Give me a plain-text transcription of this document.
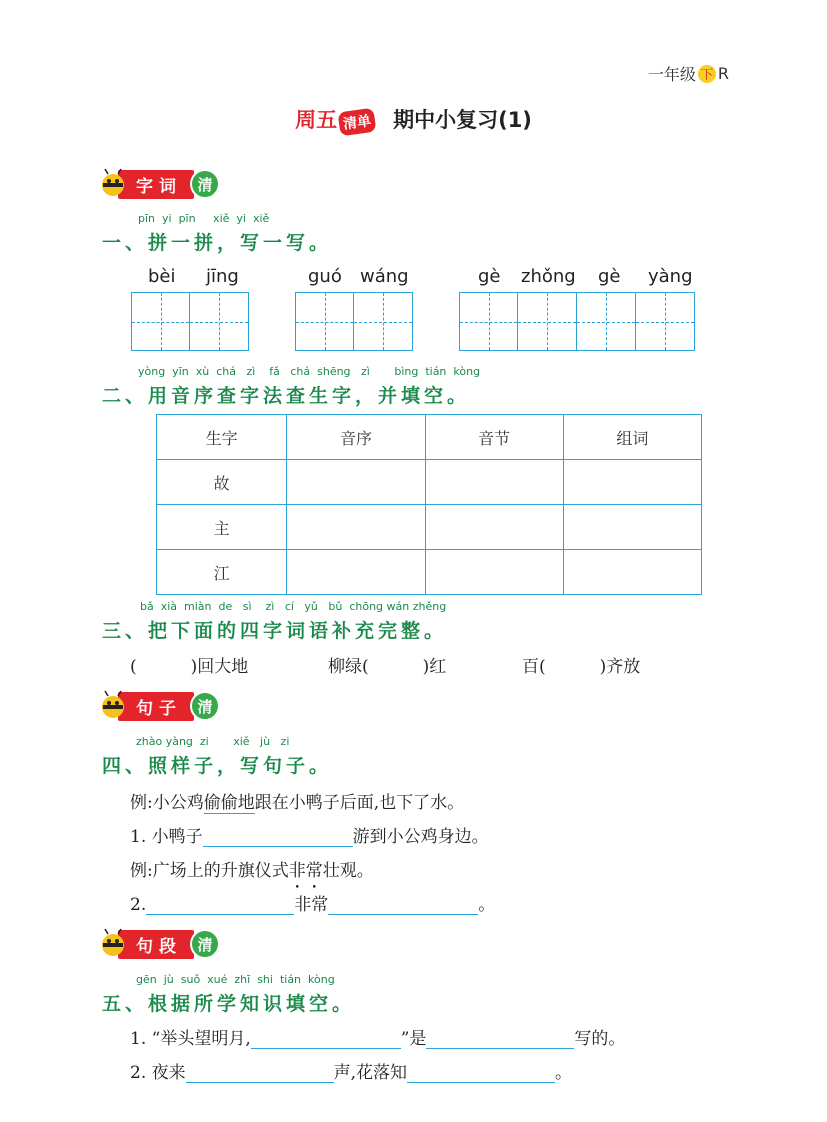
一年级 下 R
周五 清单 期中小复习(1)
字词	清
pīn  yi  pīn     xiě  yi  xiě
一、拼一拼，写一写。
bèi jīng	guó wáng	gè zhǒng gè yàng
yòng  yīn  xù  chá   zì    fǎ   chá  shēng   zì       bìng  tián  kòng
二、用音序查字法查生字，并填空。
生字	音序	音节	组词
故			
主			
江			
bǎ  xià  miàn  de   sì    zì   cí   yǔ   bǔ  chōng wán zhěng
三、把下面的四字词语补充完整。
(          )回大地	柳绿(          )红	百(          )齐放
句子	清
zhào yàng  zi       xiě   jù   zi
四、照样子，写句子。
例:小公鸡偷偷地跟在小鸭子后面,也下了水。
1. 小鸭子	游到小公鸡身边。
例:广场上的升旗仪式非常壮观。
2.	非常	。
句段	清
gēn  jù  suǒ  xué  zhī  shi  tián  kòng
五、根据所学知识填空。
1. “举头望明月,	”是	写的。
2. 夜来	声,花落知	。
